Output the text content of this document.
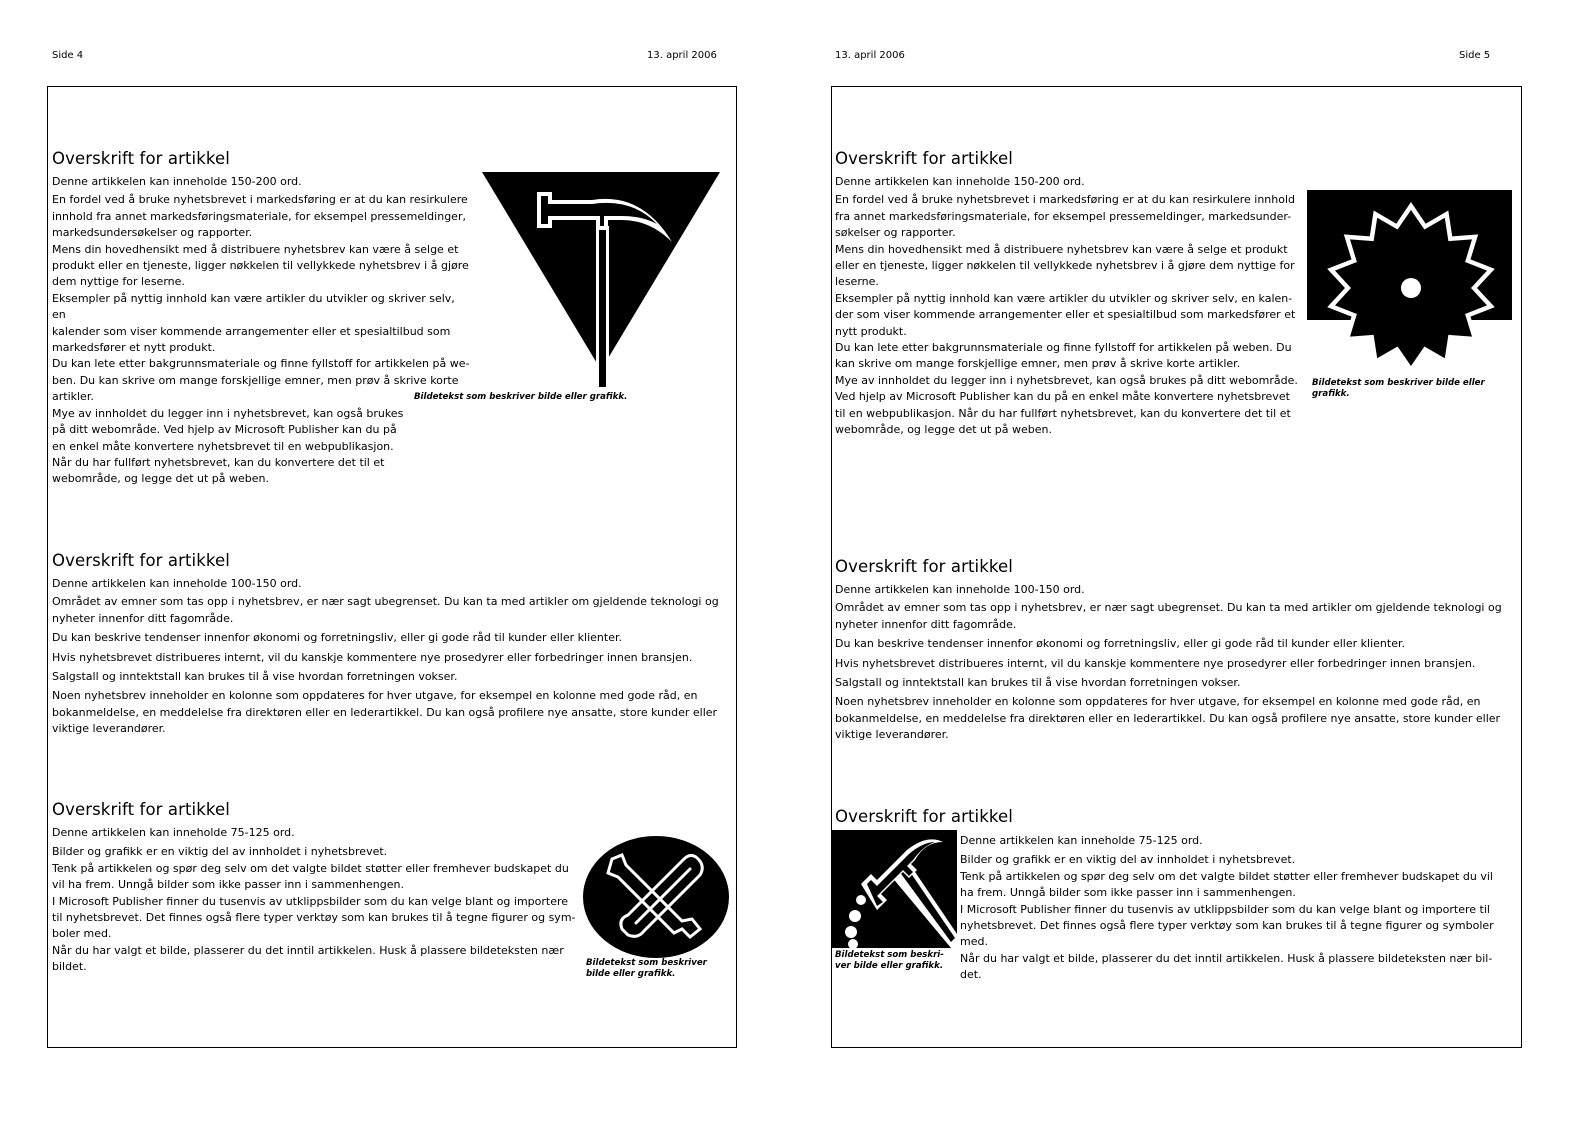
Side 4	13. april 2006	13. april 2006	Side 5
Overskrift for artikkel

Denne artikkelen kan inneholde 150-200 ord.

En fordel ved å bruke nyhetsbrevet i markedsføring er at du kan resirkulere

innhold fra annet markedsføringsmateriale, for eksempel pressemeldinger,

markedsundersøkelser og rapporter.

Mens din hovedhensikt med å distribuere nyhetsbrev kan være å selge et

produkt eller en tjeneste, ligger nøkkelen til vellykkede nyhetsbrev i å gjøre

dem nyttige for leserne.

Eksempler på nyttig innhold kan være artikler du utvikler og skriver selv, en

kalender som viser kommende arrangementer eller et spesialtilbud som

markedsfører et nytt produkt.

Du kan lete etter bakgrunnsmateriale og finne fyllstoff for artikkelen på we-

ben. Du kan skrive om mange forskjellige emner, men prøv å skrive korte

artikler.

Mye av innholdet du legger inn i nyhetsbrevet, kan også brukes

på ditt webområde. Ved hjelp av Microsoft Publisher kan du på

en enkel måte konvertere nyhetsbrevet til en webpublikasjon.

Når du har fullført nyhetsbrevet, kan du konvertere det til et

webområde, og legge det ut på weben.

Bildetekst som beskriver bilde eller grafikk.
Overskrift for artikkel

Denne artikkelen kan inneholde 100-150 ord.

Området av emner som tas opp i nyhetsbrev, er nær sagt ubegrenset. Du kan ta med artikler om gjeldende teknologi og nyheter innenfor ditt fagområde.

Du kan beskrive tendenser innenfor økonomi og forretningsliv, eller gi gode råd til kunder eller klienter.

Hvis nyhetsbrevet distribueres internt, vil du kanskje kommentere nye prosedyrer eller forbedringer innen bransjen.

Salgstall og inntektstall kan brukes til å vise hvordan forretningen vokser.

Noen nyhetsbrev inneholder en kolonne som oppdateres for hver utgave, for eksempel en kolonne med gode råd, en bokanmeldelse, en meddelelse fra direktøren eller en lederartikkel. Du kan også profilere nye ansatte, store kunder eller viktige leverandører.

Overskrift for artikkel

Denne artikkelen kan inneholde 75-125 ord.

Bilder og grafikk er en viktig del av innholdet i nyhetsbrevet.

Tenk på artikkelen og spør deg selv om det valgte bildet støtter eller fremhever budskapet du

vil ha frem. Unngå bilder som ikke passer inn i sammenhengen.

I Microsoft Publisher finner du tusenvis av utklippsbilder som du kan velge blant og importere

til nyhetsbrevet. Det finnes også flere typer verktøy som kan brukes til å tegne figurer og sym-

boler med.

Når du har valgt et bilde, plasserer du det inntil artikkelen. Husk å plassere bildeteksten nær

bildet.	Bildetekst som beskriver
bilde eller grafikk.
Overskrift for artikkel

Denne artikkelen kan inneholde 150-200 ord.

En fordel ved å bruke nyhetsbrevet i markedsføring er at du kan resirkulere innhold

fra annet markedsføringsmateriale, for eksempel pressemeldinger, markedsunder-

søkelser og rapporter.

Mens din hovedhensikt med å distribuere nyhetsbrev kan være å selge et produkt

eller en tjeneste, ligger nøkkelen til vellykkede nyhetsbrev i å gjøre dem nyttige for

leserne.

Eksempler på nyttig innhold kan være artikler du utvikler og skriver selv, en kalen-

der som viser kommende arrangementer eller et spesialtilbud som markedsfører et

nytt produkt.

Du kan lete etter bakgrunnsmateriale og finne fyllstoff for artikkelen på weben. Du

kan skrive om mange forskjellige emner, men prøv å skrive korte artikler.

Mye av innholdet du legger inn i nyhetsbrevet, kan også brukes på ditt webområde.

Ved hjelp av Microsoft Publisher kan du på en enkel måte konvertere nyhetsbrevet

til en webpublikasjon. Når du har fullført nyhetsbrevet, kan du konvertere det til et

webområde, og legge det ut på weben.

Bildetekst som beskriver bilde eller
grafikk.
Overskrift for artikkel

Denne artikkelen kan inneholde 100-150 ord.

Området av emner som tas opp i nyhetsbrev, er nær sagt ubegrenset. Du kan ta med artikler om gjeldende teknologi og nyheter innenfor ditt fagområde.

Du kan beskrive tendenser innenfor økonomi og forretningsliv, eller gi gode råd til kunder eller klienter.

Hvis nyhetsbrevet distribueres internt, vil du kanskje kommentere nye prosedyrer eller forbedringer innen bransjen.

Salgstall og inntektstall kan brukes til å vise hvordan forretningen vokser.

Noen nyhetsbrev inneholder en kolonne som oppdateres for hver utgave, for eksempel en kolonne med gode råd, en bokanmeldelse, en meddelelse fra direktøren eller en lederartikkel. Du kan også profilere nye ansatte, store kunder eller viktige leverandører.

Overskrift for artikkel
Bildetekst som beskri-
ver bilde eller grafikk.

Denne artikkelen kan inneholde 75-125 ord.

Bilder og grafikk er en viktig del av innholdet i nyhetsbrevet.

Tenk på artikkelen og spør deg selv om det valgte bildet støtter eller fremhever budskapet du vil

ha frem. Unngå bilder som ikke passer inn i sammenhengen.

I Microsoft Publisher finner du tusenvis av utklippsbilder som du kan velge blant og importere til

nyhetsbrevet. Det finnes også flere typer verktøy som kan brukes til å tegne figurer og symboler

med.

Når du har valgt et bilde, plasserer du det inntil artikkelen. Husk å plassere bildeteksten nær bil-

det.
